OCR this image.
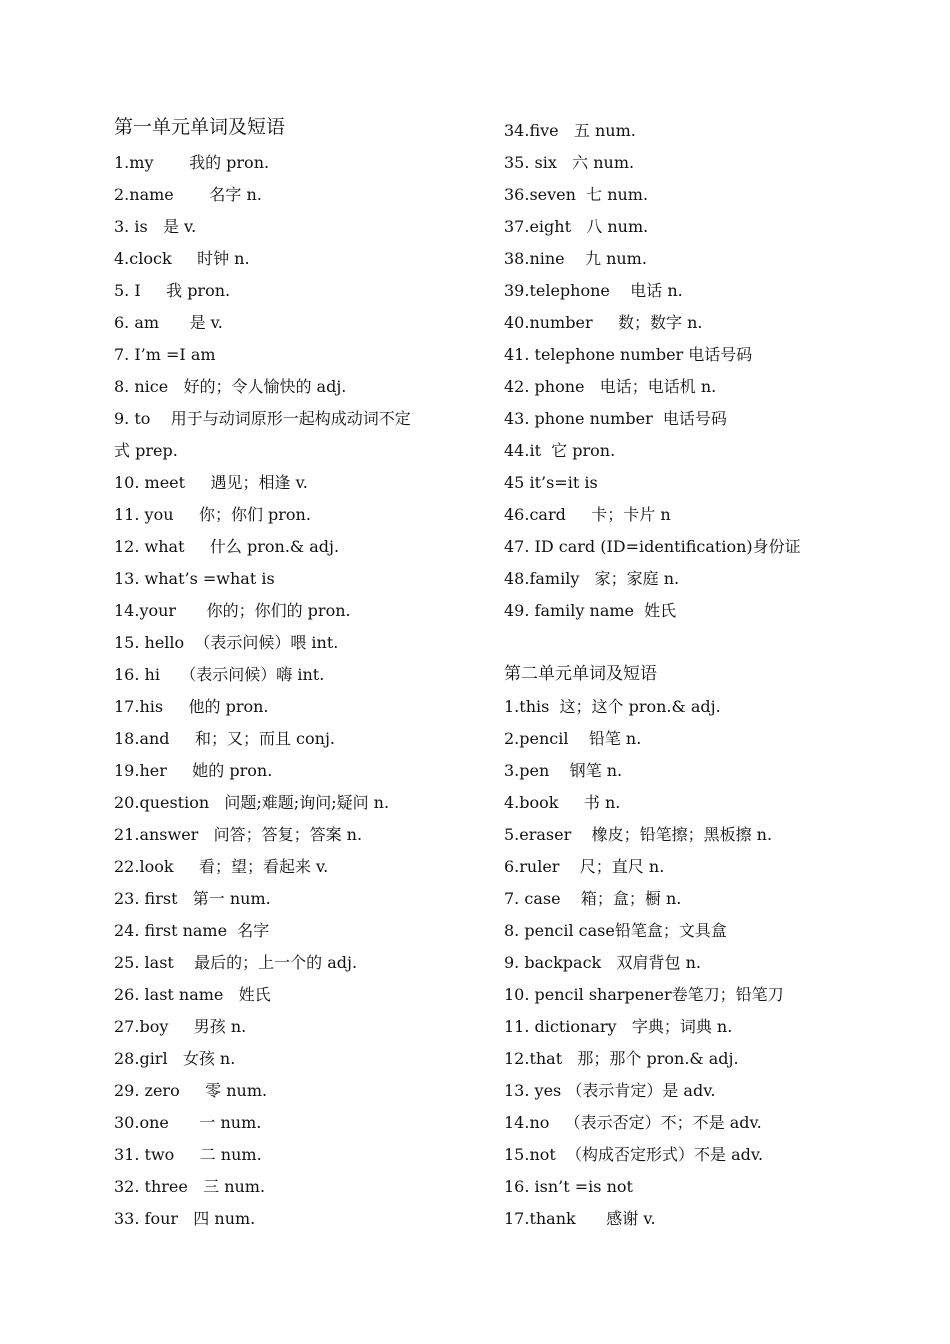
第一单元单词及短语
1.my       我的 pron.
2.name       名字 n.
3. is   是 v.
4.clock     时钟 n.
5. I     我 pron.
6. am      是 v.
7. I’m =I am
8. nice   好的；令人愉快的 adj.
9. to    用于与动词原形一起构成动词不定
式 prep.
10. meet     遇见；相逢 v.
11. you     你；你们 pron.
12. what     什么 pron.& adj.
13. what’s =what is
14.your      你的；你们的 pron.
15. hello  （表示问候）喂 int.
16. hi    （表示问候）嗨 int.
17.his     他的 pron.
18.and     和；又；而且 conj.
19.her     她的 pron.
20.question   问题;难题;询问;疑问 n.
21.answer   问答；答复；答案 n.
22.look     看；望；看起来 v.
23. first   第一 num.
24. first name  名字
25. last    最后的；上一个的 adj.
26. last name   姓氏
27.boy     男孩 n.
28.girl   女孩 n.
29. zero     零 num.
30.one      一 num.
31. two     二 num.
32. three   三 num.
33. four   四 num.
34.five   五 num.
35. six   六 num.
36.seven  七 num.
37.eight   八 num.
38.nine    九 num.
39.telephone    电话 n.
40.number     数；数字 n.
41. telephone number 电话号码
42. phone   电话；电话机 n.
43. phone number  电话号码
44.it  它 pron.
45 it’s=it is
46.card     卡；卡片 n
47. ID card (ID=identification)身份证
48.family   家；家庭 n.
49. family name  姓氏
第二单元单词及短语
1.this  这；这个 pron.& adj.
2.pencil    铅笔 n.
3.pen    钢笔 n.
4.book     书 n.
5.eraser    橡皮；铅笔擦；黑板擦 n.
6.ruler    尺；直尺 n.
7. case    箱；盒；橱 n.
8. pencil case铅笔盒；文具盒
9. backpack   双肩背包 n.
10. pencil sharpener卷笔刀；铅笔刀
11. dictionary   字典；词典 n.
12.that   那；那个 pron.& adj.
13. yes （表示肯定）是 adv.
14.no   （表示否定）不；不是 adv.
15.not  （构成否定形式）不是 adv.
16. isn’t =is not
17.thank      感谢 v.
